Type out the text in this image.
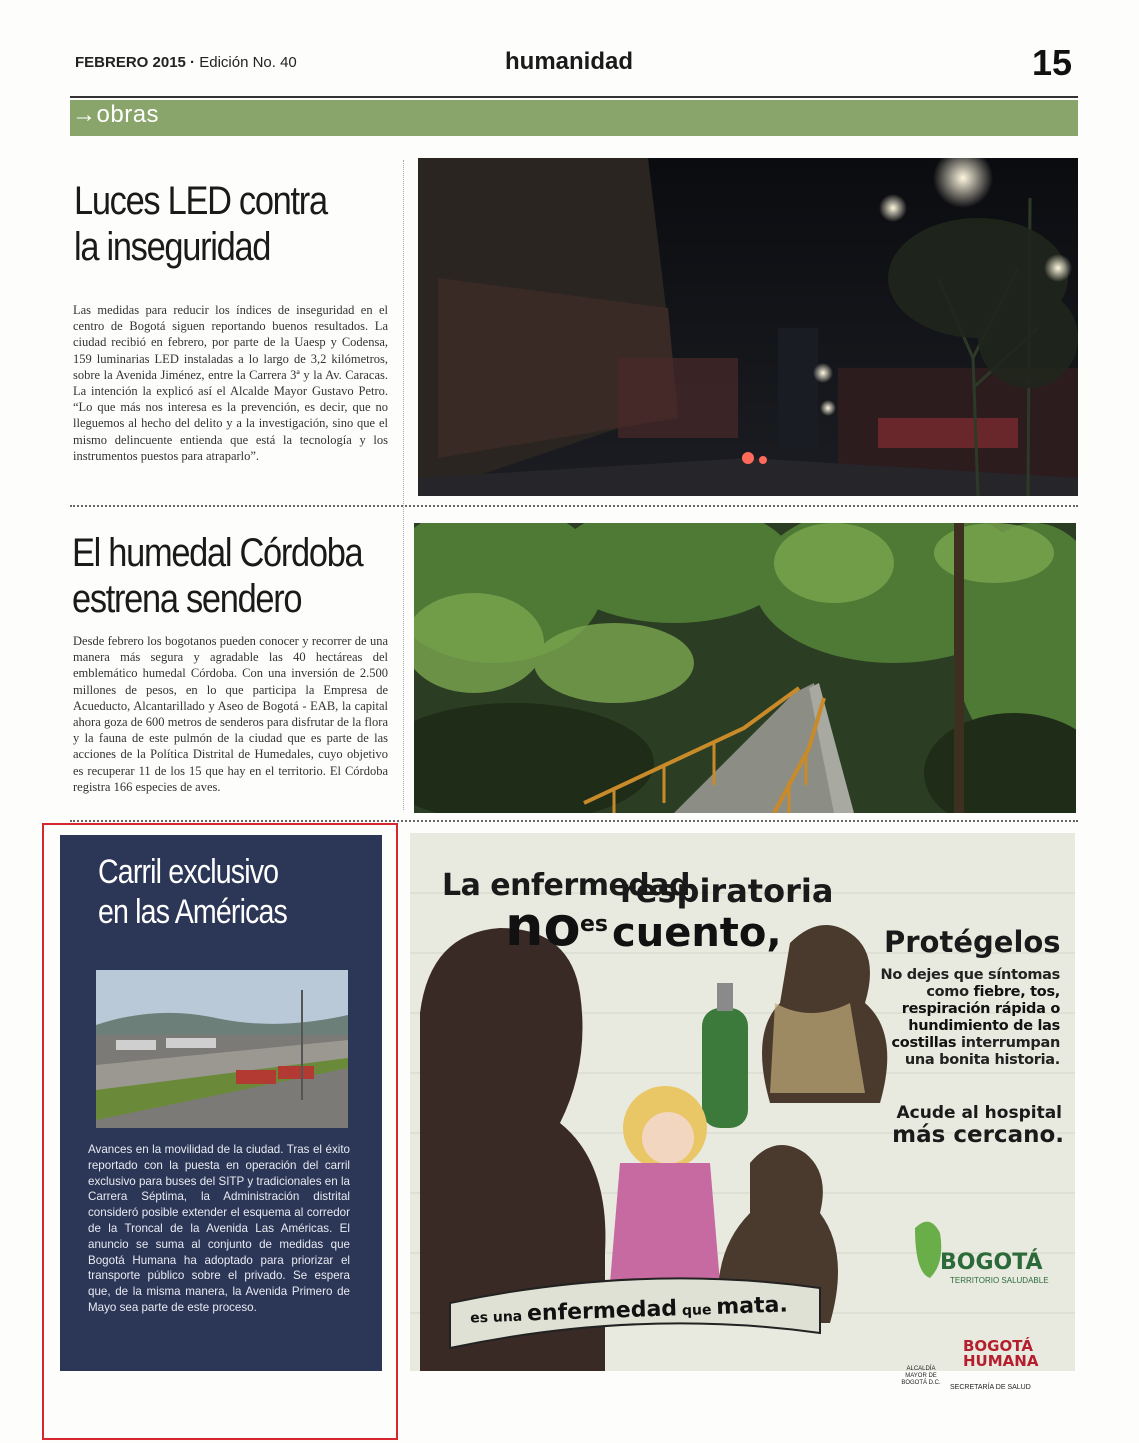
FEBRERO 2015 · Edición No. 40	humanidad	15
→obras
Luces LED contra
la inseguridad
Las medidas para reducir los índices de inseguridad en el centro de Bogotá siguen reportando buenos resultados. La ciudad recibió en febrero, por parte de la Uaesp y Codensa, 159 luminarias LED instaladas a lo largo de 3,2 kilómetros, sobre la Avenida Jiménez, entre la Carrera 3ª y la Av. Caracas. La intención la explicó así el Alcalde Mayor Gustavo Petro. “Lo que más nos interesa es la prevención, es decir, que no lleguemos al hecho del delito y a la investigación, sino que el mismo delincuente entienda que está la tecnología y los instrumentos puestos para atraparlo”.
El humedal Córdoba
estrena sendero
Desde febrero los bogotanos pueden conocer y recorrer de una manera más segura y agradable las 40 hectáreas del emblemático humedal Córdoba. Con una inversión de 2.500 millones de pesos, en lo que participa la Empresa de Acueducto, Alcantarillado y Aseo de Bogotá - EAB, la capital ahora goza de 600 metros de senderos para disfrutar de la flora y la fauna de este pulmón de la ciudad que es parte de las acciones de la Política Distrital de Humedales, cuyo objetivo es recuperar 11 de los 15 que hay en el territorio. El Córdoba registra 166 especies de aves.
Carril exclusivo
en las Américas
Avances en la movilidad de la ciudad. Tras el éxito reportado con la puesta en operación del carril exclusivo para buses del SITP y tradicionales en la Carrera Séptima, la Administración distrital consideró posible extender el esquema al corredor de la Troncal de la Avenida Las Américas. El anuncio se suma al conjunto de medidas que Bogotá Humana ha adoptado para priorizar el transporte público sobre el privado. Se espera que, de la misma manera, la Avenida Primero de Mayo sea parte de este proceso.
La enfermedad
respiratoria
no es cuento,	Protégelos
No dejes que síntomas como fiebre, tos, respiración rápida o hundimiento de las costillas interrumpan una bonita historia.
Acude al hospital
más cercano.
es una enfermedad que mata.
BOGOTÁ
TERRITORIO SALUDABLE
ALCALDÍA MAYOR DE BOGOTÁ D.C.
BOGOTÁ
HUMANA
SECRETARÍA DE SALUD
